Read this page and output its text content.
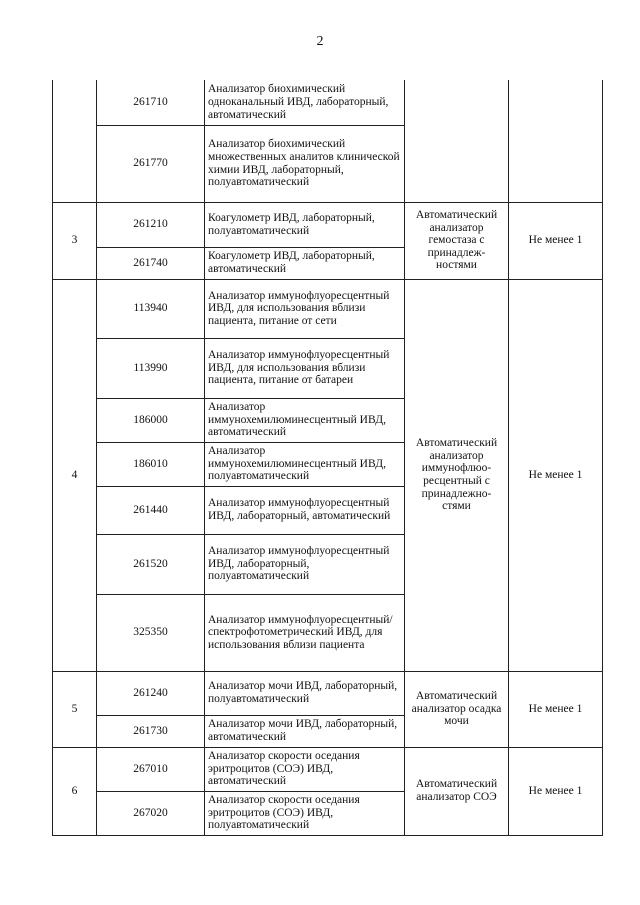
2
	261710	Анализатор биохимический одноканальный ИВД, лабораторный, автоматический		
	261770	Анализатор биохимический множественных аналитов клинической химии ИВД, лабораторный, полуавтоматический		
3	261210	Коагулометр ИВД, лабораторный, полуавтоматический	Автоматический анализатор гемостаза с принадлеж-ностями	Не менее 1
	261740	Коагулометр ИВД, лабораторный, автоматический		
4	113940	Анализатор иммунофлуоресцентный ИВД, для использования вблизи пациента, питание от сети	Автоматический анализатор иммунофлюо-ресцентный с принадлежно-стями	Не менее 1
	113990	Анализатор иммунофлуоресцентный ИВД, для использования вблизи пациента, питание от батареи		
	186000	Анализатор иммунохемилюминесцентный ИВД, автоматический		
	186010	Анализатор иммунохемилюминесцентный ИВД, полуавтоматический		
	261440	Анализатор иммунофлуоресцентный ИВД, лабораторный, автоматический		
	261520	Анализатор иммунофлуоресцентный ИВД, лабораторный, полуавтоматический		
	325350	Анализатор иммунофлуоресцентный/ спектрофотометрический ИВД, для использования вблизи пациента		
5	261240	Анализатор мочи ИВД, лабораторный, полуавтоматический	Автоматический анализатор осадка мочи	Не менее 1
	261730	Анализатор мочи ИВД, лабораторный, автоматический		
6	267010	Анализатор скорости оседания эритроцитов (СОЭ) ИВД, автоматический	Автоматический анализатор СОЭ	Не менее 1
	267020	Анализатор скорости оседания эритроцитов (СОЭ) ИВД, полуавтоматический		
